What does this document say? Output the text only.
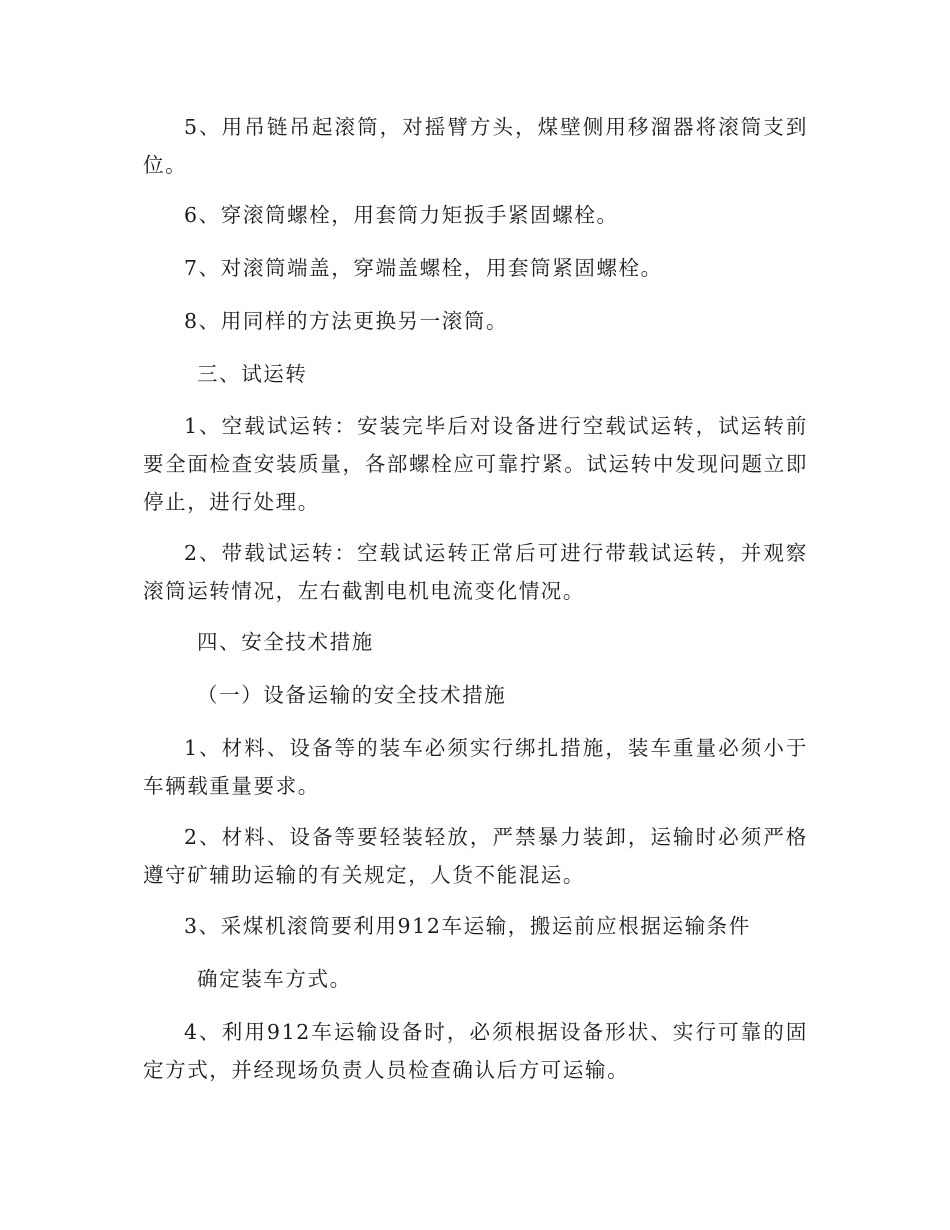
5、用吊链吊起滚筒，对摇臂方头，煤壁侧用移溜器将滚筒支到位。

6、穿滚筒螺栓，用套筒力矩扳手紧固螺栓。

7、对滚筒端盖，穿端盖螺栓，用套筒紧固螺栓。

8、用同样的方法更换另一滚筒。

三、试运转

1、空载试运转：安装完毕后对设备进行空载试运转，试运转前要全面检查安装质量，各部螺栓应可靠拧紧。试运转中发现问题立即停止，进行处理。

2、带载试运转：空载试运转正常后可进行带载试运转，并观察滚筒运转情况，左右截割电机电流变化情况。

四、安全技术措施

（一）设备运输的安全技术措施

1、材料、设备等的装车必须实行绑扎措施，装车重量必须小于车辆载重量要求。

2、材料、设备等要轻装轻放，严禁暴力装卸，运输时必须严格遵守矿辅助运输的有关规定，人货不能混运。

3、采煤机滚筒要利用912车运输，搬运前应根据运输条件

确定装车方式。

4、利用912车运输设备时，必须根据设备形状、实行可靠的固定方式，并经现场负责人员检查确认后方可运输。
